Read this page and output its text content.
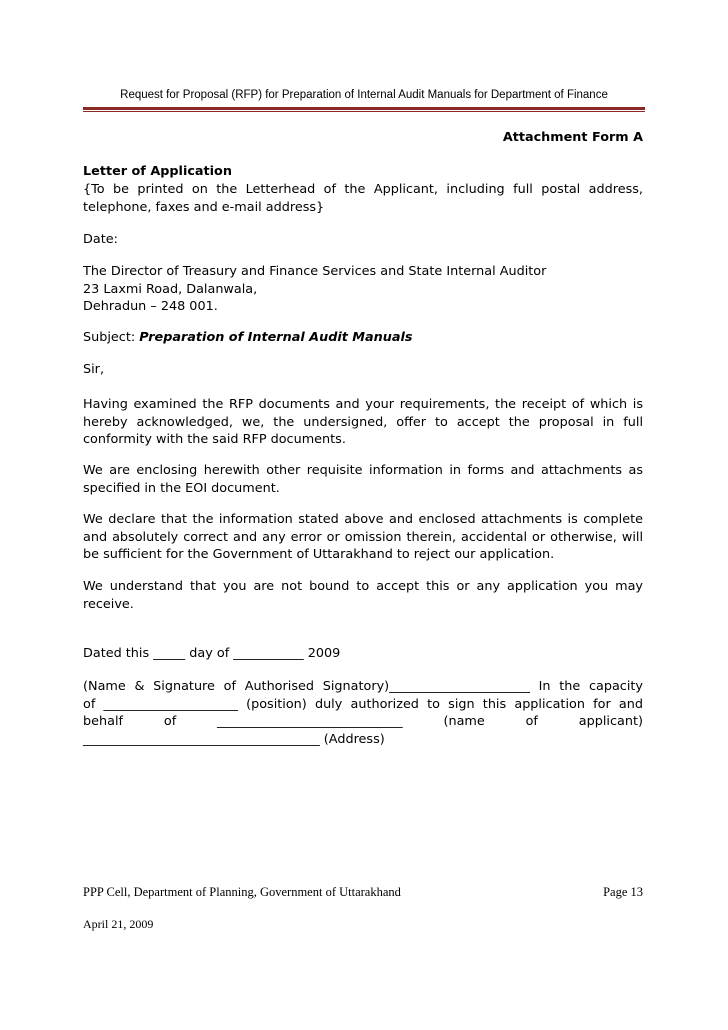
Request for Proposal (RFP) for Preparation of Internal Audit Manuals for Department of Finance
Attachment Form A
Letter of Application
{To be printed on the Letterhead of the Applicant, including full postal address,
telephone, faxes and e-mail address}
Date:
The Director of Treasury and Finance Services and State Internal Auditor
23 Laxmi Road, Dalanwala,
Dehradun – 248 001.
Subject: Preparation of Internal Audit Manuals
Sir,
Having examined the RFP documents and your requirements, the receipt of which is
hereby acknowledged, we, the undersigned, offer to accept the proposal in full
conformity with the said RFP documents.
We are enclosing herewith other requisite information in forms and attachments as
specified in the EOI document.
We declare that the information stated above and enclosed attachments is complete
and absolutely correct and any error or omission therein, accidental or otherwise, will
be sufficient for the Government of Uttarakhand to reject our application.
We understand that you are not bound to accept this or any application you may
receive.
Dated this _____ day of ___________ 2009
(Name & Signature of Authorised Signatory)______________________ In the capacity
of _____________________ (position) duly authorized to sign this application for and
behalf of _____________________________ (name of applicant)
_____________________________________ (Address)
PPP Cell, Department of Planning, Government of Uttarakhand	Page 13
April 21, 2009
